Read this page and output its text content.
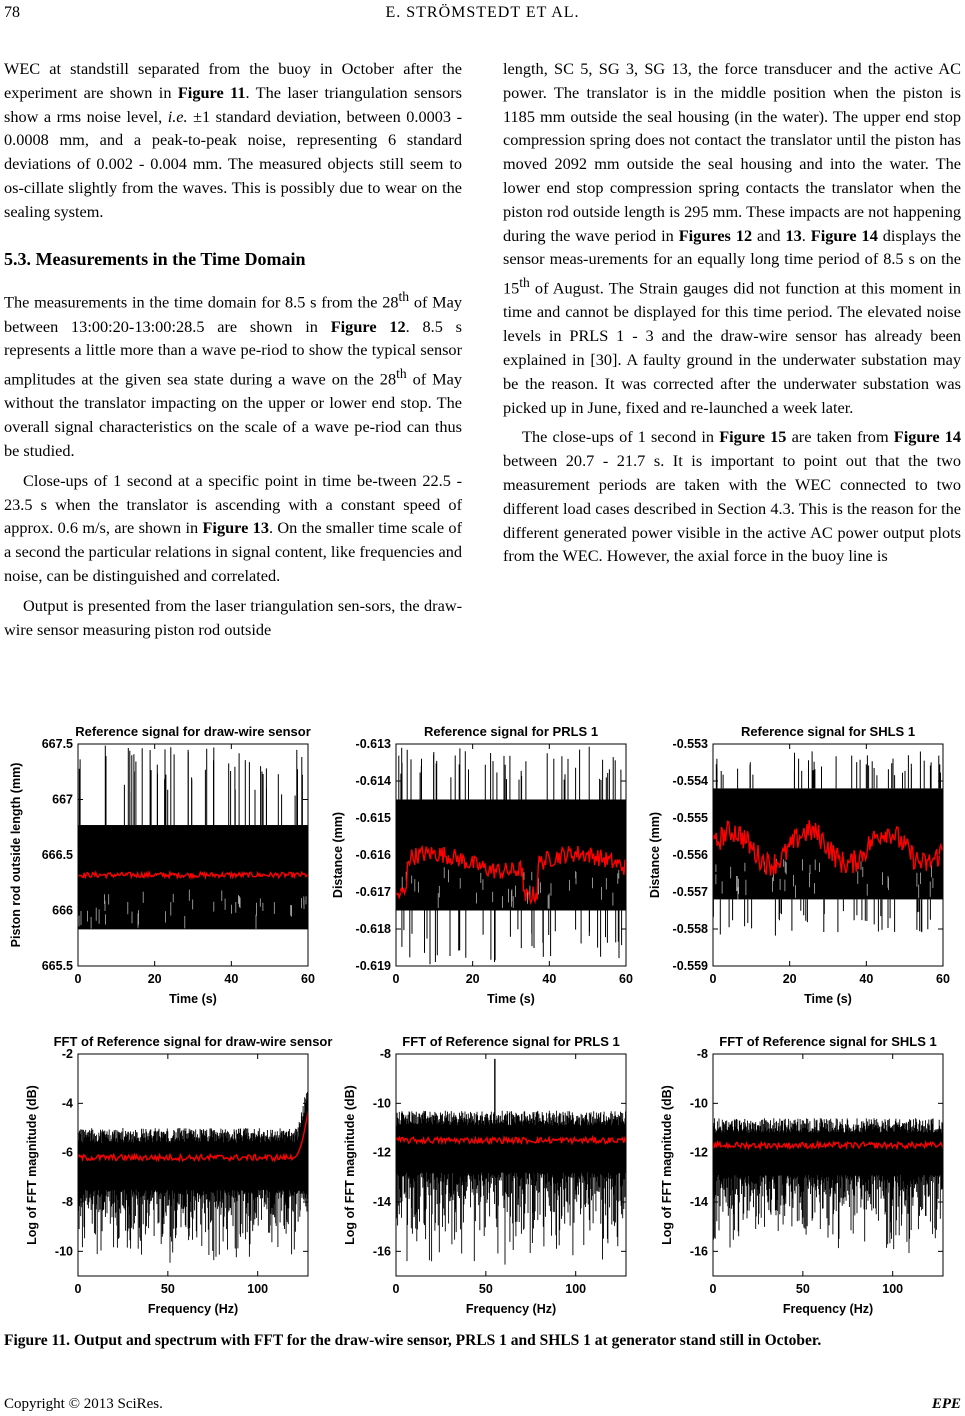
78	E. STRÖMSTEDT ET AL.

WEC at standstill separated from the buoy in October after the experiment are shown in Figure 11. The laser triangulation sensors show a rms noise level, i.e. ±1 standard deviation, between 0.0003 - 0.0008 mm, and a peak-to-peak noise, representing 6 standard deviations of 0.002 - 0.004 mm. The measured objects still seem to os-cillate slightly from the waves. This is possibly due to wear on the sealing system.

5.3. Measurements in the Time Domain

The measurements in the time domain for 8.5 s from the 28th of May between 13:00:20-13:00:28.5 are shown in Figure 12. 8.5 s represents a little more than a wave pe-riod to show the typical sensor amplitudes at the given sea state during a wave on the 28th of May without the translator impacting on the upper or lower end stop. The overall signal characteristics on the scale of a wave pe-riod can thus be studied.

Close-ups of 1 second at a specific point in time be-tween 22.5 - 23.5 s when the translator is ascending with a constant speed of approx. 0.6 m/s, are shown in Figure 13. On the smaller time scale of a second the particular relations in signal content, like frequencies and noise, can be distinguished and correlated.

Output is presented from the laser triangulation sen-sors, the draw-wire sensor measuring piston rod outside

length, SC 5, SG 3, SG 13, the force transducer and the active AC power. The translator is in the middle position when the piston is 1185 mm outside the seal housing (in the water). The upper end stop compression spring does not contact the translator until the piston has moved 2092 mm outside the seal housing and into the water. The lower end stop compression spring contacts the translator when the piston rod outside length is 295 mm. These impacts are not happening during the wave period in Figures 12 and 13. Figure 14 displays the sensor meas-urements for an equally long time period of 8.5 s on the 15th of August. The Strain gauges did not function at this moment in time and cannot be displayed for this time period. The elevated noise levels in PRLS 1 - 3 and the draw-wire sensor has already been explained in [30]. A faulty ground in the underwater substation may be the reason. It was corrected after the underwater substation was picked up in June, fixed and re-launched a week later.

The close-ups of 1 second in Figure 15 are taken from Figure 14 between 20.7 - 21.7 s. It is important to point out that the two measurement periods are taken with the WEC connected to two different load cases described in Section 4.3. This is the reason for the different generated power visible in the active AC power output plots from the WEC. However, the axial force in the buoy line is

Reference signal for draw-wire sensor
0	20	40	60
665.5
666
666.5
667
667.5
Time (s)
Piston rod outside length (mm)
Reference signal for PRLS 1
0	20	40	60
-0.619
-0.618
-0.617
-0.616
-0.615
-0.614
-0.613
Time (s)
Distance (mm)
Reference signal for SHLS 1
0	20	40	60
-0.559
-0.558
-0.557
-0.556
-0.555
-0.554
-0.553
Time (s)
Distance (mm)
FFT of Reference signal for draw-wire sensor
0	50	100
-10
-8
-6
-4
-2
Frequency (Hz)
Log of FFT magnitude (dB)
FFT of Reference signal for PRLS 1
0	50	100
-16
-14
-12
-10
-8
Frequency (Hz)
Log of FFT magnitude (dB)
FFT of Reference signal for SHLS 1
0	50	100
-16
-14
-12
-10
-8
Frequency (Hz)
Log of FFT magnitude (dB)
Figure 11. Output and spectrum with FFT for the draw-wire sensor, PRLS 1 and SHLS 1 at generator stand still in October.
Copyright © 2013 SciRes.	EPE
